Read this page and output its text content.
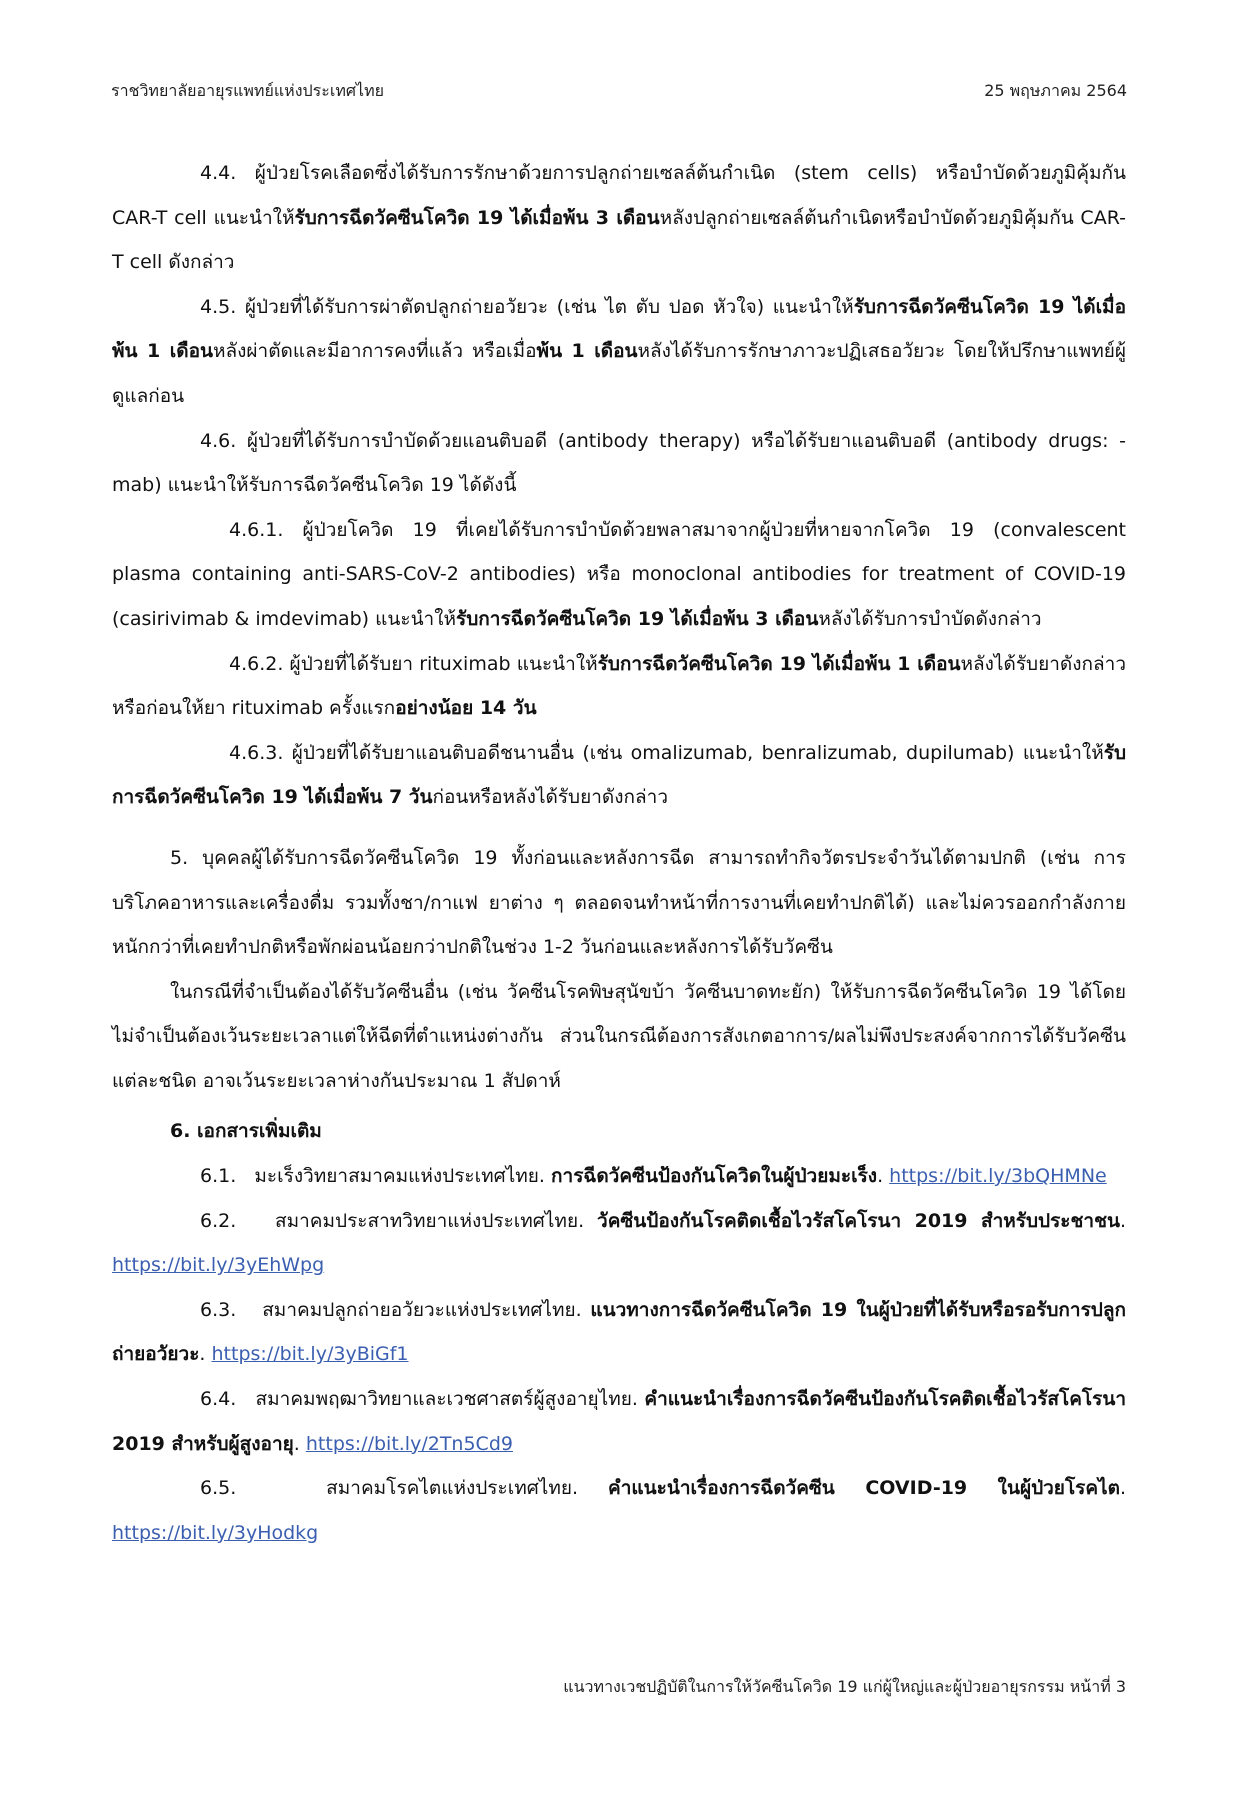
ราชวิทยาลัยอายุรแพทย์แห่งประเทศไทย	25 พฤษภาคม 2564

4.4. ผู้ป่วยโรคเลือดซึ่งได้รับการรักษาด้วยการปลูกถ่ายเซลล์ต้นกำเนิด (stem cells) หรือบำบัดด้วยภูมิคุ้มกัน CAR-T cell แนะนำให้รับการฉีดวัคซีนโควิด 19 ได้เมื่อพ้น 3 เดือนหลังปลูกถ่ายเซลล์ต้นกำเนิดหรือบำบัดด้วยภูมิคุ้มกัน CAR-T cell ดังกล่าว

4.5. ผู้ป่วยที่ได้รับการผ่าตัดปลูกถ่ายอวัยวะ (เช่น ไต ตับ ปอด หัวใจ) แนะนำให้รับการฉีดวัคซีนโควิด 19 ได้เมื่อพ้น 1 เดือนหลังผ่าตัดและมีอาการคงที่แล้ว หรือเมื่อพ้น 1 เดือนหลังได้รับการรักษาภาวะปฏิเสธอวัยวะ โดยให้ปรึกษาแพทย์ผู้ดูแลก่อน

4.6. ผู้ป่วยที่ได้รับการบำบัดด้วยแอนติบอดี (antibody therapy) หรือได้รับยาแอนติบอดี (antibody drugs: -mab) แนะนำให้รับการฉีดวัคซีนโควิด 19 ได้ดังนี้

4.6.1. ผู้ป่วยโควิด 19 ที่เคยได้รับการบำบัดด้วยพลาสมาจากผู้ป่วยที่หายจากโควิด 19 (convalescent plasma containing anti-SARS-CoV-2 antibodies) หรือ monoclonal antibodies for treatment of COVID-19 (casirivimab & imdevimab) แนะนำให้รับการฉีดวัคซีนโควิด 19 ได้เมื่อพ้น 3 เดือนหลังได้รับการบำบัดดังกล่าว

4.6.2. ผู้ป่วยที่ได้รับยา rituximab แนะนำให้รับการฉีดวัคซีนโควิด 19 ได้เมื่อพ้น 1 เดือนหลังได้รับยาดังกล่าว หรือก่อนให้ยา rituximab ครั้งแรกอย่างน้อย 14 วัน

4.6.3. ผู้ป่วยที่ได้รับยาแอนติบอดีชนานอื่น (เช่น omalizumab, benralizumab, dupilumab) แนะนำให้รับการฉีดวัคซีนโควิด 19 ได้เมื่อพ้น 7 วันก่อนหรือหลังได้รับยาดังกล่าว

5. บุคคลผู้ได้รับการฉีดวัคซีนโควิด 19 ทั้งก่อนและหลังการฉีด สามารถทำกิจวัตรประจำวันได้ตามปกติ (เช่น การบริโภคอาหารและเครื่องดื่ม รวมทั้งชา/กาแฟ ยาต่าง ๆ ตลอดจนทำหน้าที่การงานที่เคยทำปกติได้) และไม่ควรออกกำลังกายหนักกว่าที่เคยทำปกติหรือพักผ่อนน้อยกว่าปกติในช่วง 1-2 วันก่อนและหลังการได้รับวัคซีน

ในกรณีที่จำเป็นต้องได้รับวัคซีนอื่น (เช่น วัคซีนโรคพิษสุนัขบ้า วัคซีนบาดทะยัก) ให้รับการฉีดวัคซีนโควิด 19 ได้โดยไม่จำเป็นต้องเว้นระยะเวลาแต่ให้ฉีดที่ตำแหน่งต่างกัน ส่วนในกรณีต้องการสังเกตอาการ/ผลไม่พึงประสงค์จากการได้รับวัคซีนแต่ละชนิด อาจเว้นระยะเวลาห่างกันประมาณ 1 สัปดาห์

6. เอกสารเพิ่มเติม

6.1. มะเร็งวิทยาสมาคมแห่งประเทศไทย. การฉีดวัคซีนป้องกันโควิดในผู้ป่วยมะเร็ง. https://bit.ly/3bQHMNe

6.2. สมาคมประสาทวิทยาแห่งประเทศไทย. วัคซีนป้องกันโรคติดเชื้อไวรัสโคโรนา 2019 สำหรับประชาชน. https://bit.ly/3yEhWpg

6.3. สมาคมปลูกถ่ายอวัยวะแห่งประเทศไทย. แนวทางการฉีดวัคซีนโควิด 19 ในผู้ป่วยที่ได้รับหรือรอรับการปลูกถ่ายอวัยวะ. https://bit.ly/3yBiGf1

6.4. สมาคมพฤฒาวิทยาและเวชศาสตร์ผู้สูงอายุไทย. คำแนะนำเรื่องการฉีดวัคซีนป้องกันโรคติดเชื้อไวรัสโคโรนา 2019 สำหรับผู้สูงอายุ. https://bit.ly/2Tn5Cd9

6.5.	สมาคมโรคไตแห่งประเทศไทย. คำแนะนำเรื่องการฉีดวัคซีน COVID-19 ในผู้ป่วยโรคไต. https://bit.ly/3yHodkg

แนวทางเวชปฏิบัติในการให้วัคซีนโควิด 19 แก่ผู้ใหญ่และผู้ป่วยอายุรกรรม หน้าที่ 3
